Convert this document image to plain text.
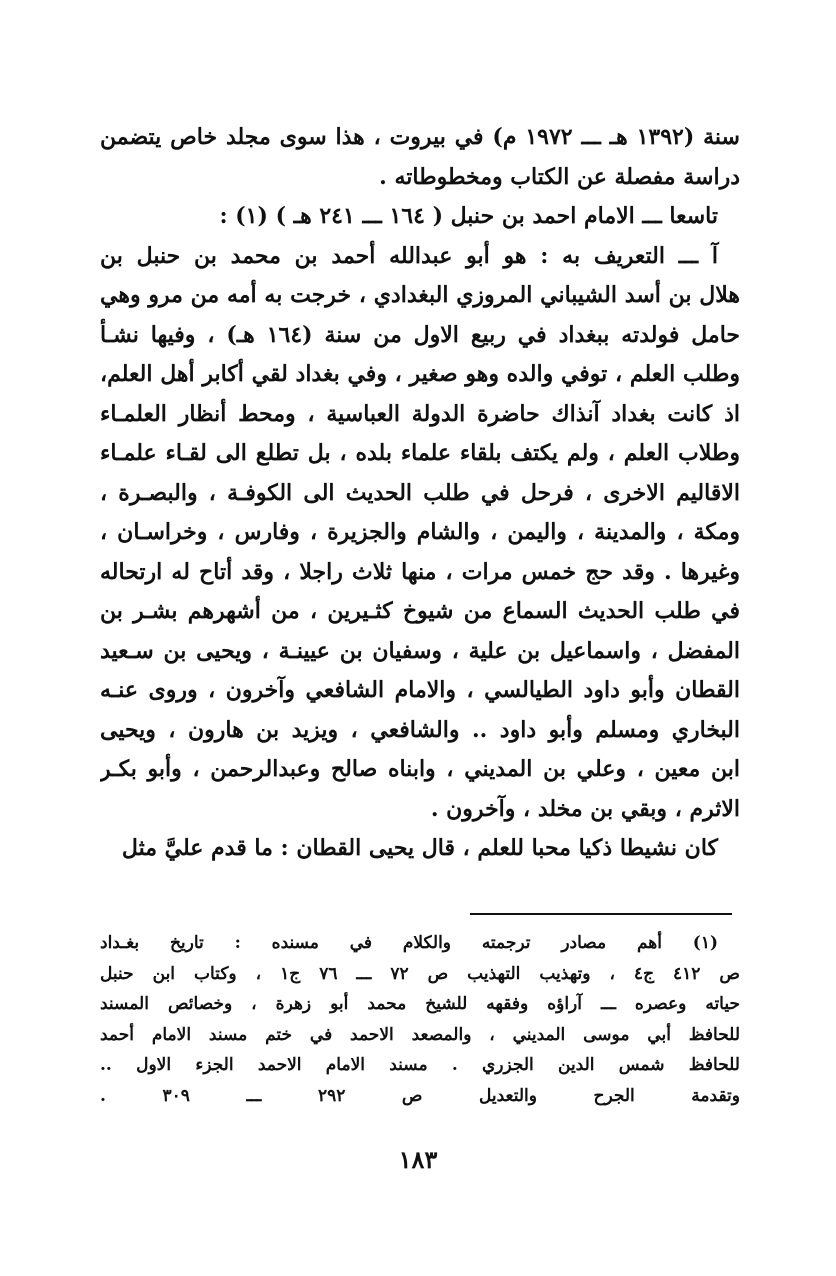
سنة (١٣٩٢ هـ ـــ ١٩٧٢ م) في بيروت ، هذا سوى مجلد خاص يتضمن
دراسة مفصلة عن الكتاب ومخطوطاته .
تاسعا ـــ الامام احمد بن حنبل ( ١٦٤ ـــ ٢٤١ هـ ) (١) :
آ ـــ التعريف به : هو أبو عبدالله أحمد بن محمد بن حنبل بن
هلال بن أسد الشيباني المروزي البغدادي ، خرجت به أمه من مرو وهي
حامل فولدته ببغداد في ربيع الاول من سنة (١٦٤ هـ) ، وفيها نشـأ
وطلب العلم ، توفي والده وهو صغير ، وفي بغداد لقي أكابر أهل العلم،
اذ كانت بغداد آنذاك حاضرة الدولة العباسية ، ومحط أنظار العلمـاء
وطلاب العلم ، ولم يكتف بلقاء علماء بلده ، بل تطلع الى لقـاء علمـاء
الاقاليم الاخرى ، فرحل في طلب الحديث الى الكوفـة ، والبصـرة ،
ومكة ، والمدينة ، واليمن ، والشام والجزيرة ، وفارس ، وخراسـان ،
وغيرها . وقد حج خمس مرات ، منها ثلاث راجلا ، وقد أتاح له ارتحاله
في طلب الحديث السماع من شيوخ كثـيرين ، من أشهرهم بشـر بن
المفضل ، واسماعيل بن علية ، وسفيان بن عيينـة ، ويحيى بن سـعيد
القطان وأبو داود الطيالسي ، والامام الشافعي وآخرون ، وروى عنـه
البخاري ومسلم وأبو داود .. والشافعي ، ويزيد بن هارون ، ويحيى
ابن معين ، وعلي بن المديني ، وابناه صالح وعبدالرحمن ، وأبو بكـر
الاثرم ، وبقي بن مخلد ، وآخرون .
كان نشيطا ذكيا محبا للعلم ، قال يحيى القطان : ما قدم عليَّ مثل
(١) أهم مصادر ترجمته والكلام في مسنده : تاريخ بغـداد
ص ٤١٢ ج٤ ، وتهذيب التهذيب ص ٧٢ ـــ ٧٦ ج١ ، وكتاب ابن حنبل
حياته وعصره ـــ آراؤه وفقهه للشيخ محمد أبو زهرة ، وخصائص المسند
للحافظ أبي موسى المديني ، والمصعد الاحمد في ختم مسند الامام أحمد
للحافظ شمس الدين الجزري . مسند الامام الاحمد الجزء الاول ..
وتقدمة الجرح والتعديل ص ٢٩٢ ـــ ٣٠٩ .
١٨٣
